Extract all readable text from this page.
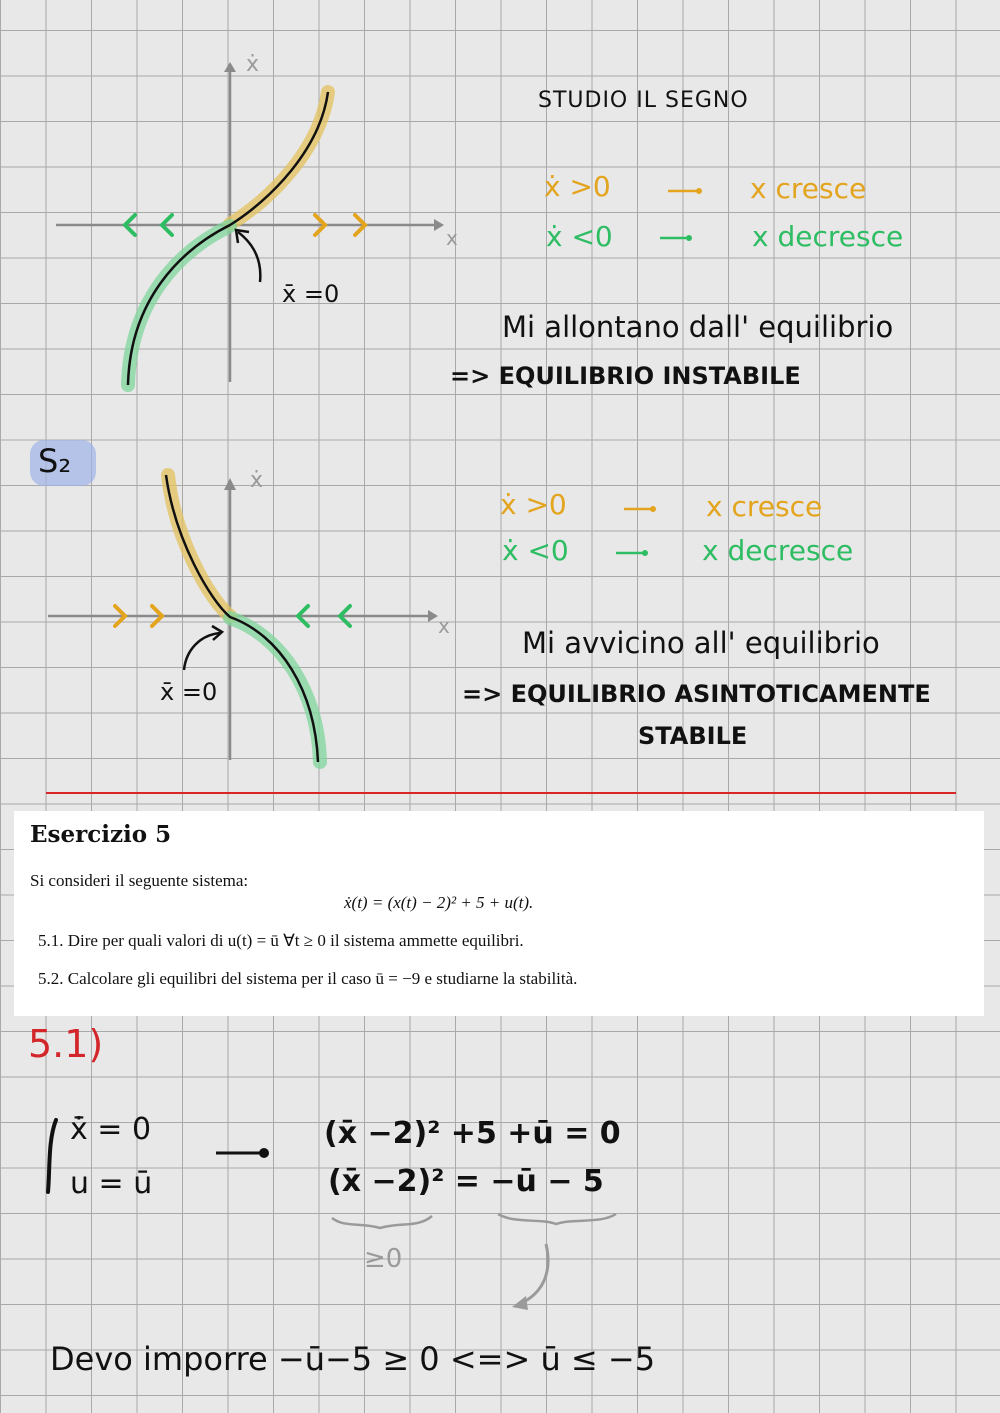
ẋ
x
x̄ =0
STUDIO IL SEGNO
ẋ >0	x cresce
ẋ <0	x decresce
Mi allontano dall' equilibrio
=> EQUILIBRIO INSTABILE
S₂
ẋ
x
x̄ =0
ẋ >0	x cresce
ẋ <0	x decresce
Mi avvicino all' equilibrio
=> EQUILIBRIO ASINTOTICAMENTE
STABILE
Esercizio 5
Si consideri il seguente sistema:
ẋ(t) = (x(t) − 2)² + 5 + u(t).
5.1. Dire per quali valori di u(t) = ū ∀t ≥ 0 il sistema ammette equilibri.
5.2. Calcolare gli equilibri del sistema per il caso ū = −9 e studiarne la stabilità.
5.1)
x̄̇ = 0
u = ū
(x̄ −2)² +5 +ū = 0
(x̄ −2)² = −ū − 5
≥0
Devo imporre −ū−5 ≥ 0 <=> ū ≤ −5
